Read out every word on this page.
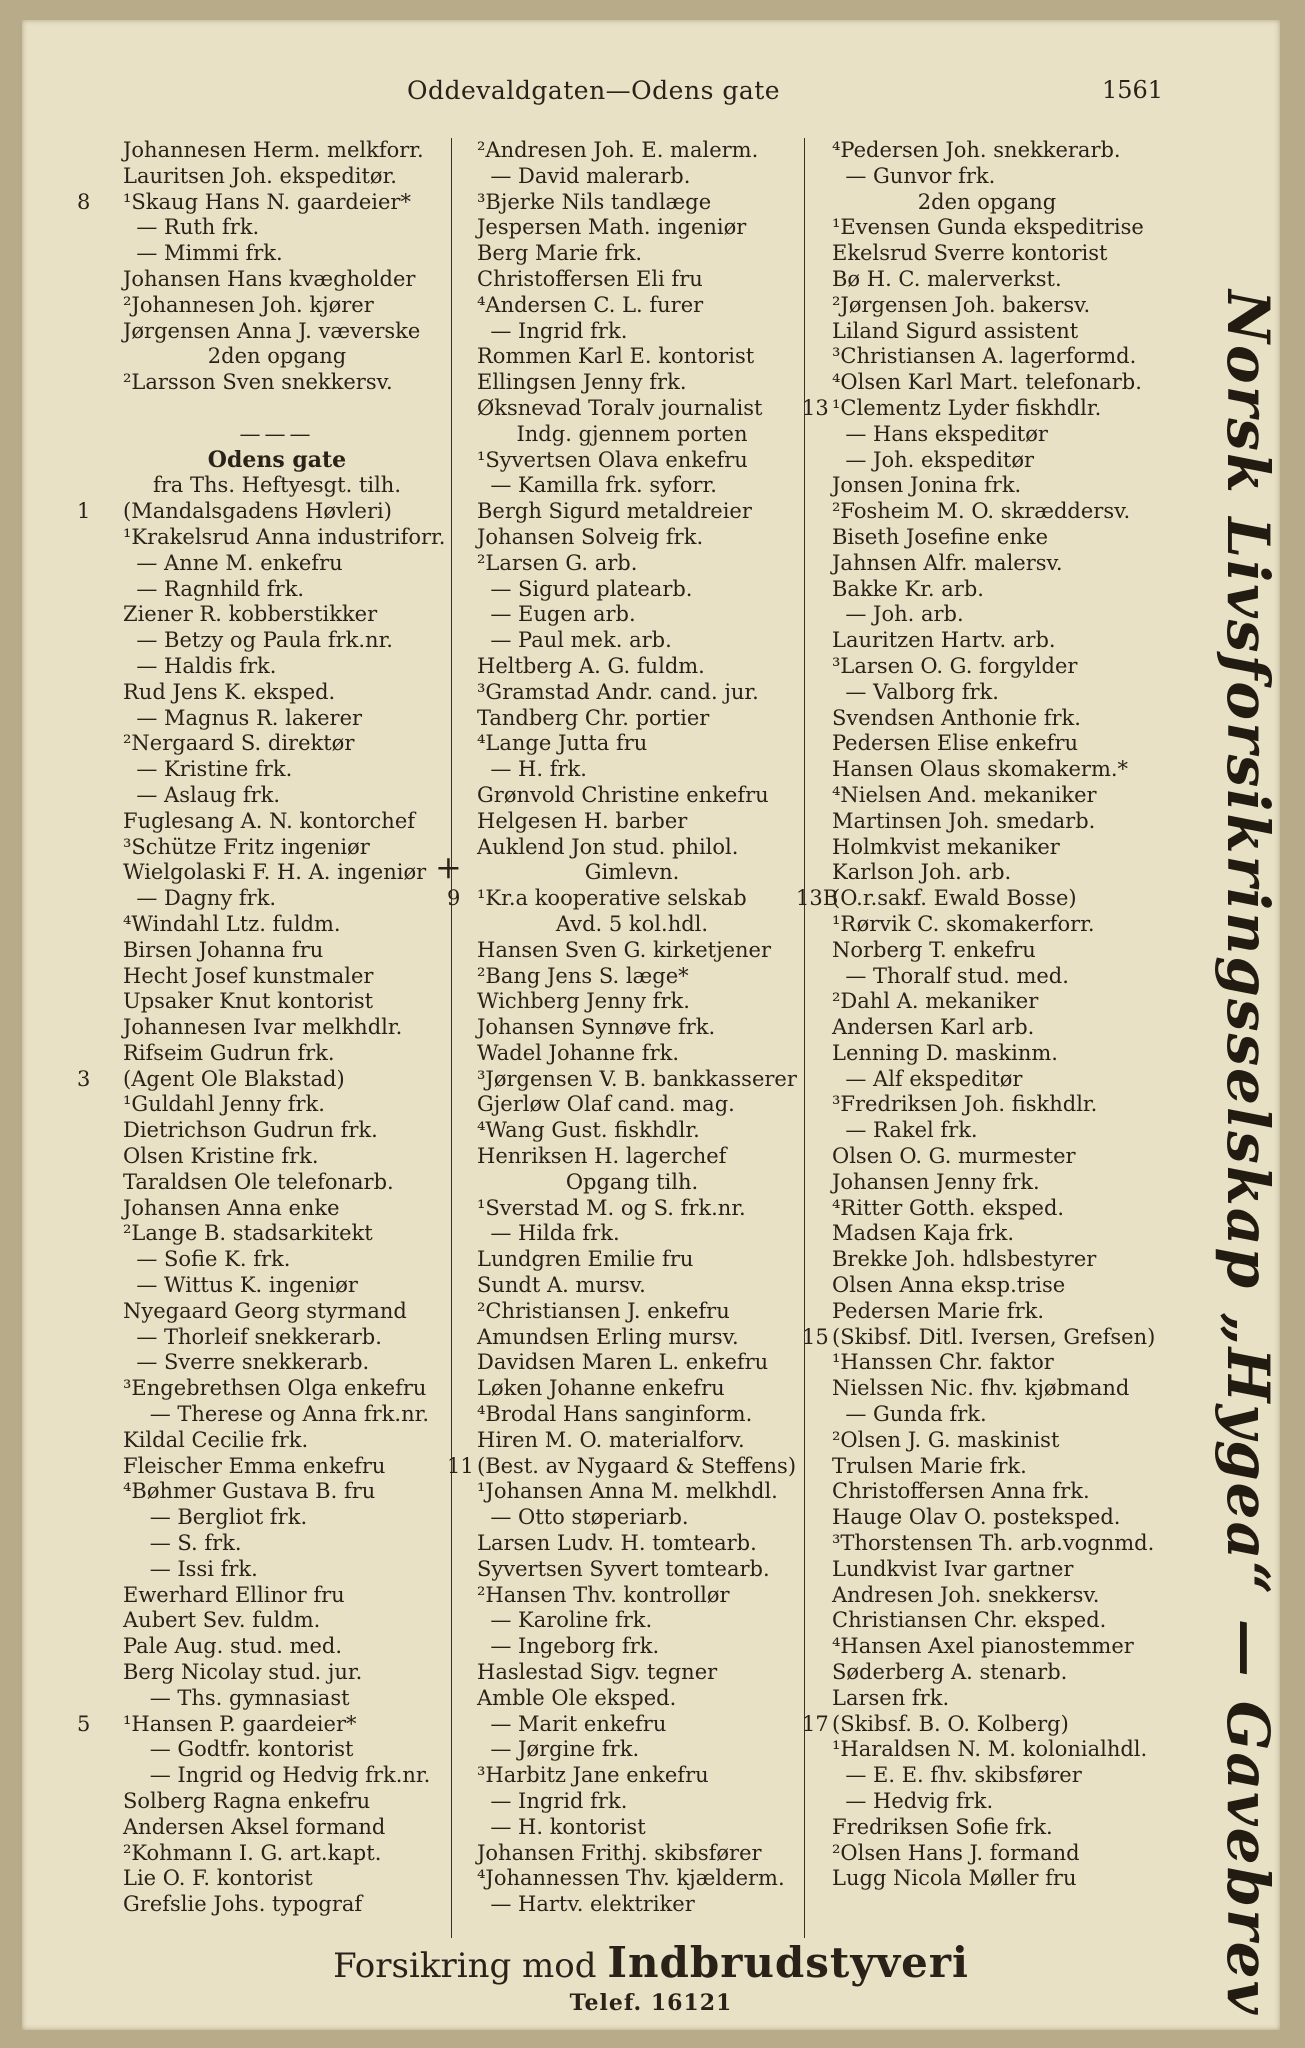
Oddevaldgaten—Odens gate	1561
Johannesen Herm. melkforr.
Lauritsen Joh. ekspeditør.
8	¹Skaug Hans N. gaardeier*
— Ruth frk.
— Mimmi frk.
Johansen Hans kvægholder
²Johannesen Joh. kjører
Jørgensen Anna J. væverske
2den opgang
²Larsson Sven snekkersv.
———
Odens gate
fra Ths. Heftyesgt. tilh.
1	(Mandalsgadens Høvleri)
¹Krakelsrud Anna industriforr.
— Anne M. enkefru
— Ragnhild frk.
Ziener R. kobberstikker
— Betzy og Paula frk.nr.
— Haldis frk.
Rud Jens K. eksped.
— Magnus R. lakerer
²Nergaard S. direktør
— Kristine frk.
— Aslaug frk.
Fuglesang A. N. kontorchef
³Schütze Fritz ingeniør
Wielgolaski F. H. A. ingeniør
— Dagny frk.
⁴Windahl Ltz. fuldm.
Birsen Johanna fru
Hecht Josef kunstmaler
Upsaker Knut kontorist
Johannesen Ivar melkhdlr.
Rifseim Gudrun frk.
3	(Agent Ole Blakstad)
¹Guldahl Jenny frk.
Dietrichson Gudrun frk.
Olsen Kristine frk.
Taraldsen Ole telefonarb.
Johansen Anna enke
²Lange B. stadsarkitekt
— Sofie K. frk.
— Wittus K. ingeniør
Nyegaard Georg styrmand
— Thorleif snekkerarb.
— Sverre snekkerarb.
³Engebrethsen Olga enkefru
— Therese og Anna frk.nr.
Kildal Cecilie frk.
Fleischer Emma enkefru
⁴Bøhmer Gustava B. fru
— Bergliot frk.
— S. frk.
— Issi frk.
Ewerhard Ellinor fru
Aubert Sev. fuldm.
Pale Aug. stud. med.
Berg Nicolay stud. jur.
— Ths. gymnasiast
5	¹Hansen P. gaardeier*
— Godtfr. kontorist
— Ingrid og Hedvig frk.nr.
Solberg Ragna enkefru
Andersen Aksel formand
²Kohmann I. G. art.kapt.
Lie O. F. kontorist
Grefslie Johs. typograf
²Andresen Joh. E. malerm.
— David malerarb.
³Bjerke Nils tandlæge
Jespersen Math. ingeniør
Berg Marie frk.
Christoffersen Eli fru
⁴Andersen C. L. furer
— Ingrid frk.
Rommen Karl E. kontorist
Ellingsen Jenny frk.
Øksnevad Toralv journalist
Indg. gjennem porten
¹Syvertsen Olava enkefru
— Kamilla frk. syforr.
Bergh Sigurd metaldreier
Johansen Solveig frk.
²Larsen G. arb.
— Sigurd platearb.
— Eugen arb.
— Paul mek. arb.
Heltberg A. G. fuldm.
³Gramstad Andr. cand. jur.
Tandberg Chr. portier
⁴Lange Jutta fru
— H. frk.
Grønvold Christine enkefru
Helgesen H. barber
Auklend Jon stud. philol.
+	Gimlevn.
9 ¹Kr.a kooperative selskab
Avd. 5 kol.hdl.
Hansen Sven G. kirketjener
²Bang Jens S. læge*
Wichberg Jenny frk.
Johansen Synnøve frk.
Wadel Johanne frk.
³Jørgensen V. B. bankkasserer
Gjerløw Olaf cand. mag.
⁴Wang Gust. fiskhdlr.
Henriksen H. lagerchef
Opgang tilh.
¹Sverstad M. og S. frk.nr.
— Hilda frk.
Lundgren Emilie fru
Sundt A. mursv.
²Christiansen J. enkefru
Amundsen Erling mursv.
Davidsen Maren L. enkefru
Løken Johanne enkefru
⁴Brodal Hans sanginform.
Hiren M. O. materialforv.
11 (Best. av Nygaard & Steffens)
¹Johansen Anna M. melkhdl.
— Otto støperiarb.
Larsen Ludv. H. tomtearb.
Syvertsen Syvert tomtearb.
²Hansen Thv. kontrollør
— Karoline frk.
— Ingeborg frk.
Haslestad Sigv. tegner
Amble Ole eksped.
— Marit enkefru
— Jørgine frk.
³Harbitz Jane enkefru
— Ingrid frk.
— H. kontorist
Johansen Frithj. skibsfører
⁴Johannessen Thv. kjælderm.
— Hartv. elektriker
⁴Pedersen Joh. snekkerarb.
— Gunvor frk.
2den opgang
¹Evensen Gunda ekspeditrise
Ekelsrud Sverre kontorist
Bø H. C. malerverkst.
²Jørgensen Joh. bakersv.
Liland Sigurd assistent
³Christiansen A. lagerformd.
⁴Olsen Karl Mart. telefonarb.
13 ¹Clementz Lyder fiskhdlr.
— Hans ekspeditør
— Joh. ekspeditør
Jonsen Jonina frk.
²Fosheim M. O. skræddersv.
Biseth Josefine enke
Jahnsen Alfr. malersv.
Bakke Kr. arb.
— Joh. arb.
Lauritzen Hartv. arb.
³Larsen O. G. forgylder
— Valborg frk.
Svendsen Anthonie frk.
Pedersen Elise enkefru
Hansen Olaus skomakerm.*
⁴Nielsen And. mekaniker
Martinsen Joh. smedarb.
Holmkvist mekaniker
Karlson Joh. arb.
13B
(O.r.sakf. Ewald Bosse)
¹Rørvik C. skomakerforr.
Norberg T. enkefru
— Thoralf stud. med.
²Dahl A. mekaniker
Andersen Karl arb.
Lenning D. maskinm.
— Alf ekspeditør
³Fredriksen Joh. fiskhdlr.
— Rakel frk.
Olsen O. G. murmester
Johansen Jenny frk.
⁴Ritter Gotth. eksped.
Madsen Kaja frk.
Brekke Joh. hdlsbestyrer
Olsen Anna eksp.trise
Pedersen Marie frk.
15 (Skibsf. Ditl. Iversen, Grefsen)
¹Hanssen Chr. faktor
Nielssen Nic. fhv. kjøbmand
— Gunda frk.
²Olsen J. G. maskinist
Trulsen Marie frk.
Christoffersen Anna frk.
Hauge Olav O. posteksped.
³Thorstensen Th. arb.vognmd.
Lundkvist Ivar gartner
Andresen Joh. snekkersv.
Christiansen Chr. eksped.
⁴Hansen Axel pianostemmer
Søderberg A. stenarb.
Larsen frk.
17 (Skibsf. B. O. Kolberg)
¹Haraldsen N. M. kolonialhdl.
— E. E. fhv. skibsfører
— Hedvig frk.
Fredriksen Sofie frk.
²Olsen Hans J. formand
Lugg Nicola Møller fru Norsk Livsforsikringsselskap „Hygea“ — Gavebrev
Forsikring mod Indbrudstyveri
Telef. 16121
